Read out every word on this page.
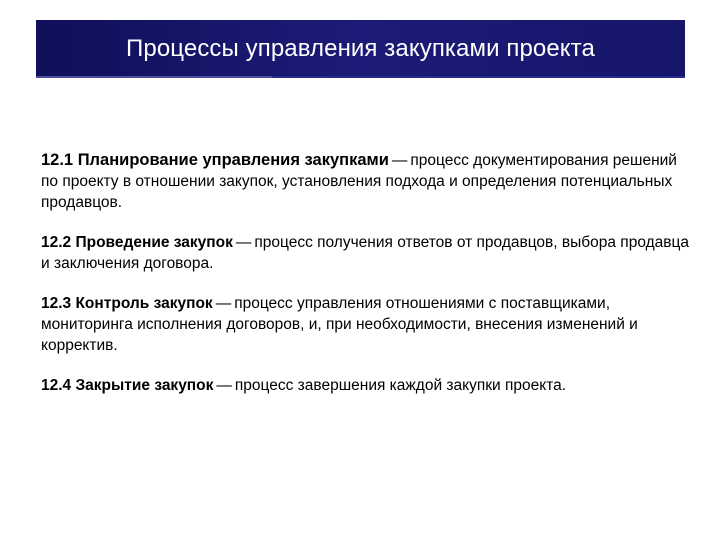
Процессы управления закупками проекта

12.1 Планирование управления закупками — процесс документирования решений по проекту в отношении закупок, установления подхода и определения потенциальных продавцов.

12.2 Проведение закупок — процесс получения ответов от продавцов, выбора продавца и заключения договора.

12.3 Контроль закупок — процесс управления отношениями с поставщиками, мониторинга исполнения договоров, и, при необходимости, внесения изменений и корректив.

12.4 Закрытие закупок — процесс завершения каждой закупки проекта.
